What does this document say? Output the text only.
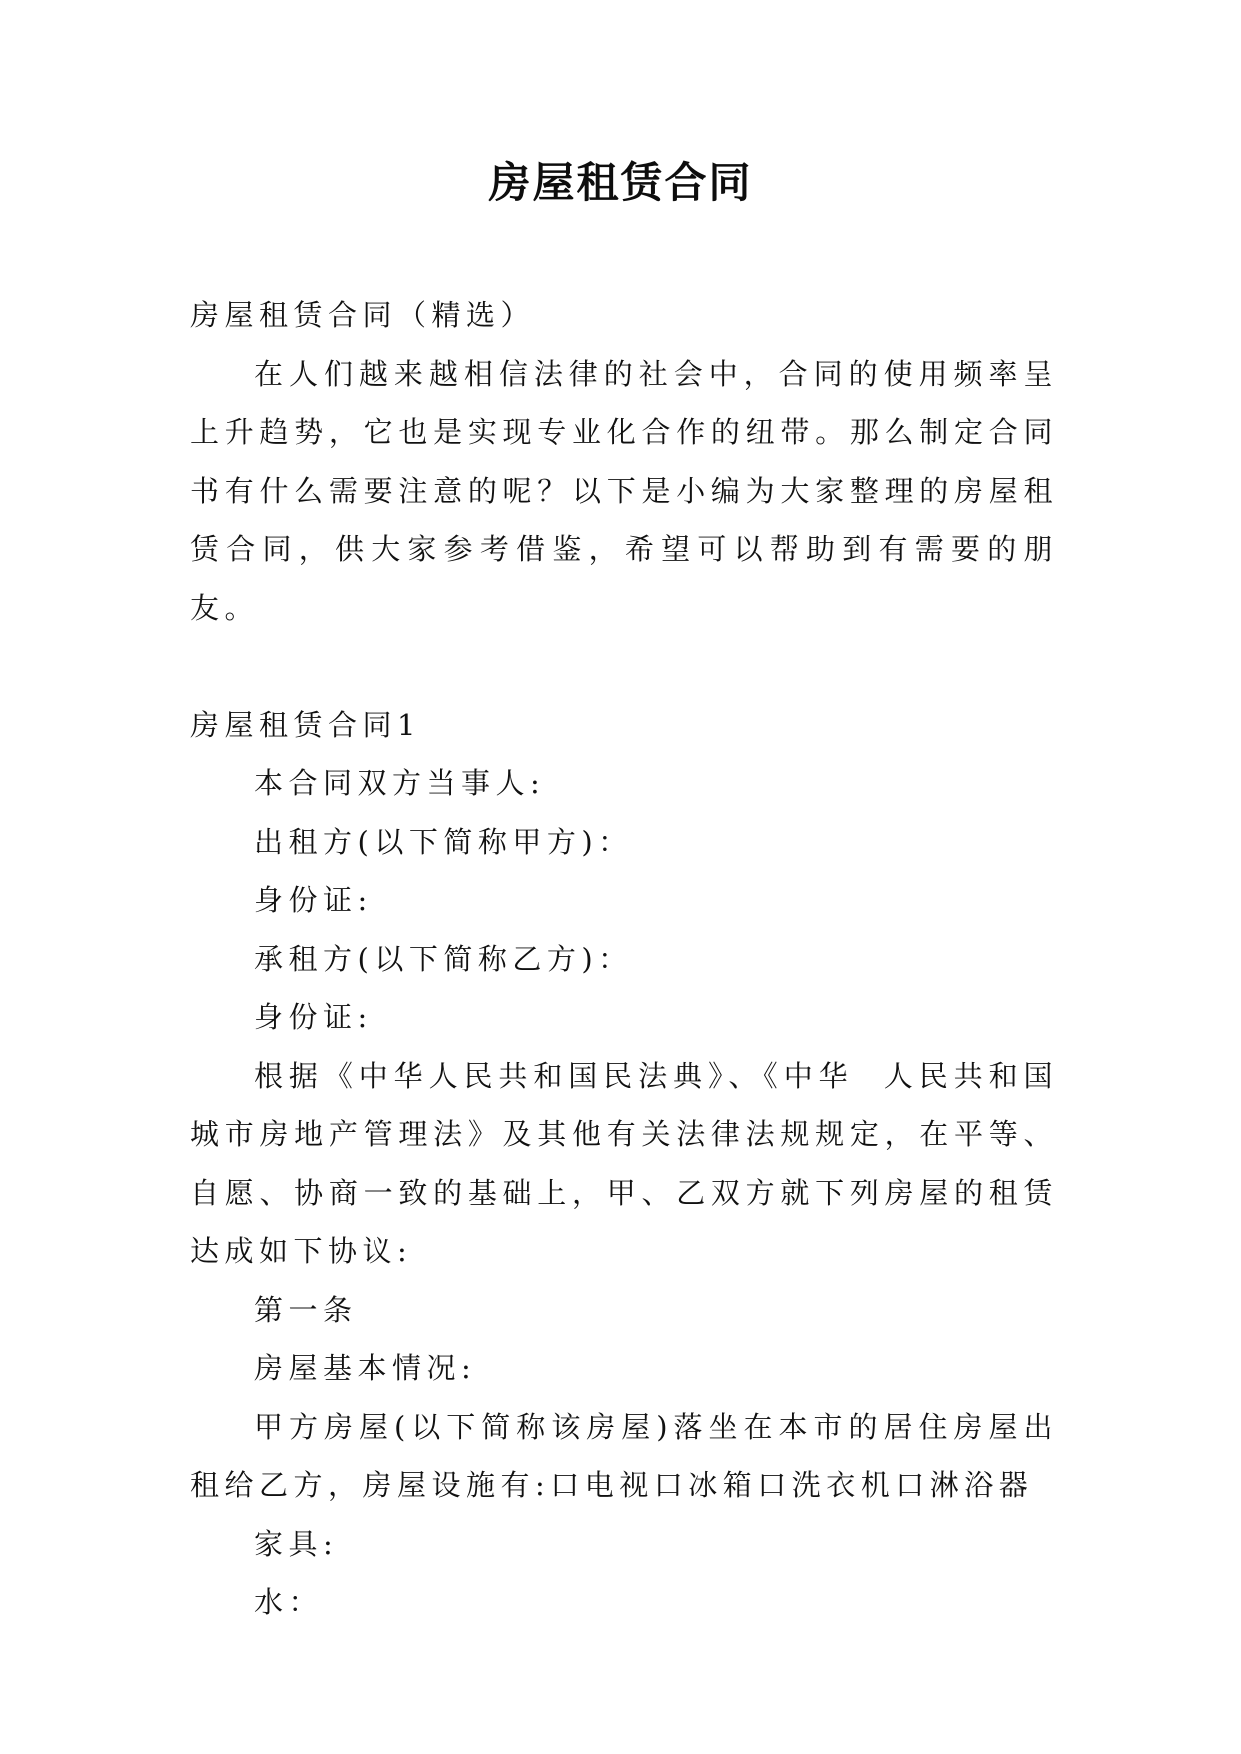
房屋租赁合同

房屋租赁合同（精选）

在人们越来越相信法律的社会中，合同的使用频率呈上升趋势，它也是实现专业化合作的纽带。那么制定合同书有什么需要注意的呢？以下是小编为大家整理的房屋租赁合同，供大家参考借鉴，希望可以帮助到有需要的朋友。

房屋租赁合同1

本合同双方当事人:

出租方(以下简称甲方)：

身份证:

承租方(以下简称乙方)：

身份证:

根据《中华人民共和国民法典》、《中华  人民共和国城市房地产管理法》及其他有关法律法规规定，在平等、自愿、协商一致的基础上，甲、乙双方就下列房屋的租赁达成如下协议:

第一条

房屋基本情况:

甲方房屋(以下简称该房屋)落坐在本市的居住房屋出租给乙方，房屋设施有:口电视口冰箱口洗衣机口淋浴器

家具:

水：
